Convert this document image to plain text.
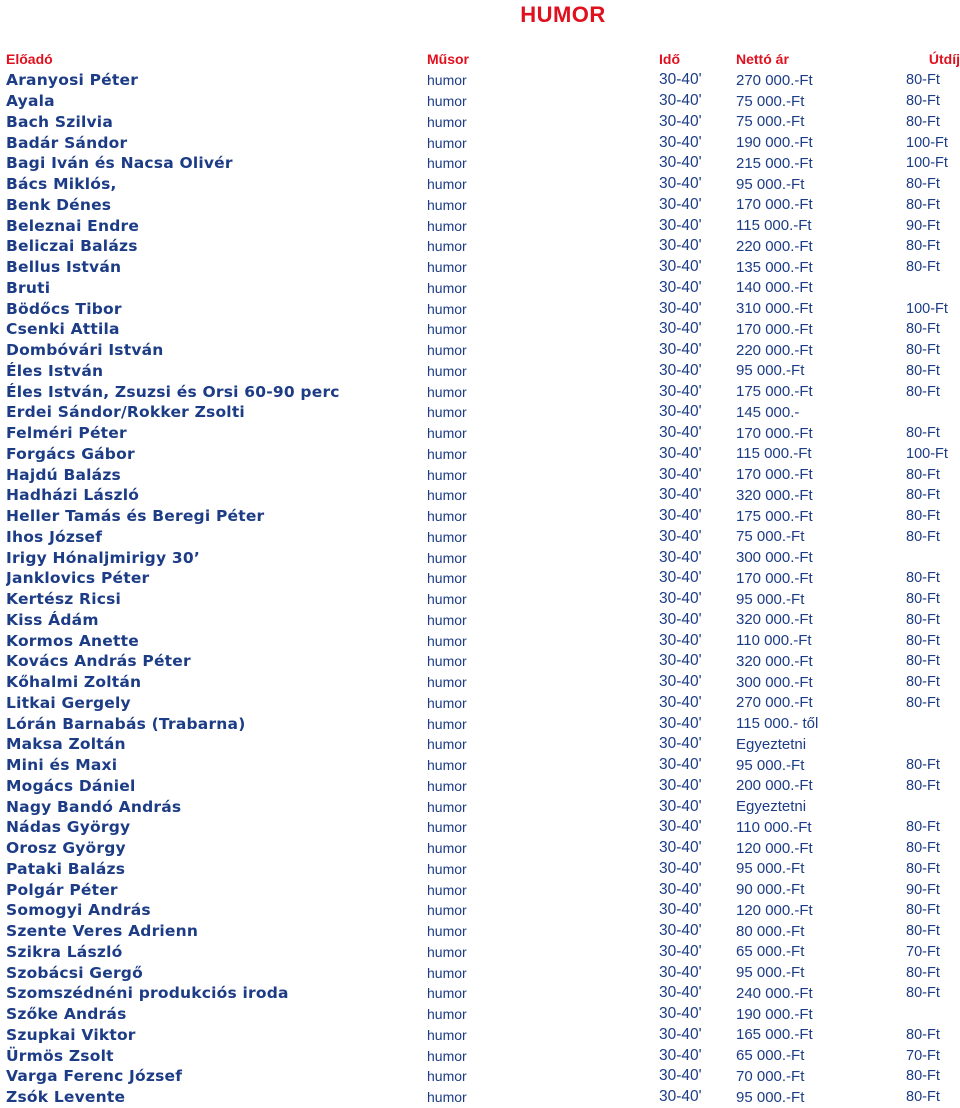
HUMOR
Előadó	Műsor	Idő	Nettó ár	Útdíj
Aranyosi Péter	humor	30-40'	270 000.-Ft	80-Ft
Ayala	humor	30-40'	75 000.-Ft	80-Ft
Bach Szilvia	humor	30-40'	75 000.-Ft	80-Ft
Badár Sándor	humor	30-40'	190 000.-Ft	100-Ft
Bagi Iván és Nacsa Olivér	humor	30-40'	215 000.-Ft	100-Ft
Bács Miklós,	humor	30-40'	95 000.-Ft	80-Ft
Benk Dénes	humor	30-40'	170 000.-Ft	80-Ft
Beleznai Endre	humor	30-40'	115 000.-Ft	90-Ft
Beliczai Balázs	humor	30-40'	220 000.-Ft	80-Ft
Bellus István	humor	30-40'	135 000.-Ft	80-Ft
Bruti	humor	30-40'	140 000.-Ft	
Bödőcs Tibor	humor	30-40'	310 000.-Ft	100-Ft
Csenki Attila	humor	30-40'	170 000.-Ft	80-Ft
Dombóvári István	humor	30-40'	220 000.-Ft	80-Ft
Éles István	humor	30-40'	95 000.-Ft	80-Ft
Éles István, Zsuzsi és Orsi 60-90 perc	humor	30-40'	175 000.-Ft	80-Ft
Erdei Sándor/Rokker Zsolti	humor	30-40'	145 000.-	
Felméri Péter	humor	30-40'	170 000.-Ft	80-Ft
Forgács Gábor	humor	30-40'	115 000.-Ft	100-Ft
Hajdú Balázs	humor	30-40'	170 000.-Ft	80-Ft
Hadházi László	humor	30-40'	320 000.-Ft	80-Ft
Heller Tamás és Beregi Péter	humor	30-40'	175 000.-Ft	80-Ft
Ihos József	humor	30-40'	75 000.-Ft	80-Ft
Irigy Hónaljmirigy 30’	humor	30-40'	300 000.-Ft	
Janklovics Péter	humor	30-40'	170 000.-Ft	80-Ft
Kertész Ricsi	humor	30-40'	95 000.-Ft	80-Ft
Kiss Ádám	humor	30-40'	320 000.-Ft	80-Ft
Kormos Anette	humor	30-40'	110 000.-Ft	80-Ft
Kovács András Péter	humor	30-40'	320 000.-Ft	80-Ft
Kőhalmi Zoltán	humor	30-40'	300 000.-Ft	80-Ft
Litkai Gergely	humor	30-40'	270 000.-Ft	80-Ft
Lórán Barnabás (Trabarna)	humor	30-40'	115 000.- től	
Maksa Zoltán	humor	30-40'	Egyeztetni	
Mini és Maxi	humor	30-40'	95 000.-Ft	80-Ft
Mogács Dániel	humor	30-40'	200 000.-Ft	80-Ft
Nagy Bandó András	humor	30-40'	Egyeztetni	
Nádas György	humor	30-40'	110 000.-Ft	80-Ft
Orosz György	humor	30-40'	120 000.-Ft	80-Ft
Pataki Balázs	humor	30-40'	95 000.-Ft	80-Ft
Polgár Péter	humor	30-40'	90 000.-Ft	90-Ft
Somogyi András	humor	30-40'	120 000.-Ft	80-Ft
Szente Veres Adrienn	humor	30-40'	80 000.-Ft	80-Ft
Szikra László	humor	30-40'	65 000.-Ft	70-Ft
Szobácsi Gergő	humor	30-40'	95 000.-Ft	80-Ft
Szomszédnéni produkciós iroda	humor	30-40'	240 000.-Ft	80-Ft
Szőke András	humor	30-40'	190 000.-Ft	
Szupkai Viktor	humor	30-40'	165 000.-Ft	80-Ft
Ürmös Zsolt	humor	30-40'	65 000.-Ft	70-Ft
Varga Ferenc József	humor	30-40'	70 000.-Ft	80-Ft
Zsók Levente	humor	30-40'	95 000.-Ft	80-Ft
